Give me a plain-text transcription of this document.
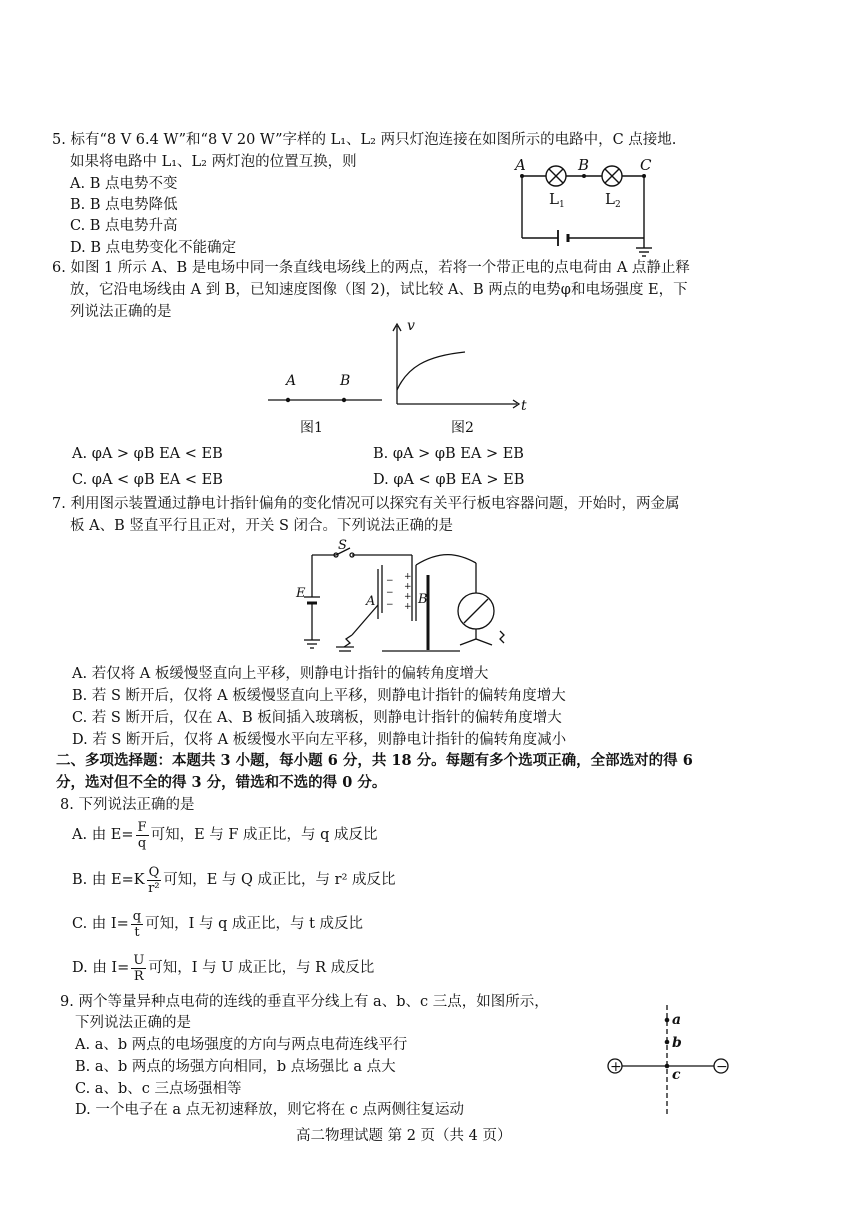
5. 标有“8 V 6.4 W”和“8 V 20 W”字样的 L₁、L₂ 两只灯泡连接在如图所示的电路中，C 点接地.
如果将电路中 L₁、L₂ 两灯泡的位置互换，则
A. B 点电势不变
B. B 点电势降低
C. B 点电势升高
D. B 点电势变化不能确定
A	B	C
$L_1$	$L_2$
6. 如图 1 所示 A、B 是电场中同一条直线电场线上的两点，若将一个带正电的点电荷由 A 点静止释
放，它沿电场线由 A 到 B，已知速度图像（图 2)，试比较 A、B 两点的电势φ和电场强度 E，下
列说法正确的是
A	B
图1
v
t
图2
A. φA > φB EA < EB	B. φA > φB EA > EB
C. φA < φB EA < EB	D. φA < φB EA > EB
7. 利用图示装置通过静电计指针偏角的变化情况可以探究有关平行板电容器问题，开始时，两金属
板 A、B 竖直平行且正对，开关 S 闭合。下列说法正确的是
+
+
+
+
−
−
−
S
E
A	B
A. 若仅将 A 板缓慢竖直向上平移，则静电计指针的偏转角度增大
B. 若 S 断开后，仅将 A 板缓慢竖直向上平移，则静电计指针的偏转角度增大
C. 若 S 断开后，仅在 A、B 板间插入玻璃板，则静电计指针的偏转角度增大
D. 若 S 断开后，仅将 A 板缓慢水平向左平移，则静电计指针的偏转角度减小
二、多项选择题：本题共 3 小题，每小题 6 分，共 18 分。每题有多个选项正确，全部选对的得 6
分，选对但不全的得 3 分，错选和不选的得 0 分。
8. 下列说法正确的是
A. 由 $E= \frac{F}{q}$ 可知，E 与 F 成正比，与 q 成反比
B. 由 $E=K \frac{Q}{\text{r²}}$ 可知，E 与 Q 成正比，与 r² 成反比
C. 由 $I= \frac{q}{t}$ 可知，I 与 q 成正比，与 t 成反比
D. 由 $I= \frac{U}{R}$ 可知，I 与 U 成正比，与 R 成反比
9. 两个等量异种点电荷的连线的垂直平分线上有 a、b、c 三点，如图所示，
下列说法正确的是
A. a、b 两点的电场强度的方向与两点电荷连线平行
B. a、b 两点的场强方向相同，b 点场强比 a 点大
C. a、b、c 三点场强相等
D. 一个电子在 a 点无初速释放，则它将在 c 点两侧往复运动
+	−
a
b
c
高二物理试题 第 2 页（共 4 页）
